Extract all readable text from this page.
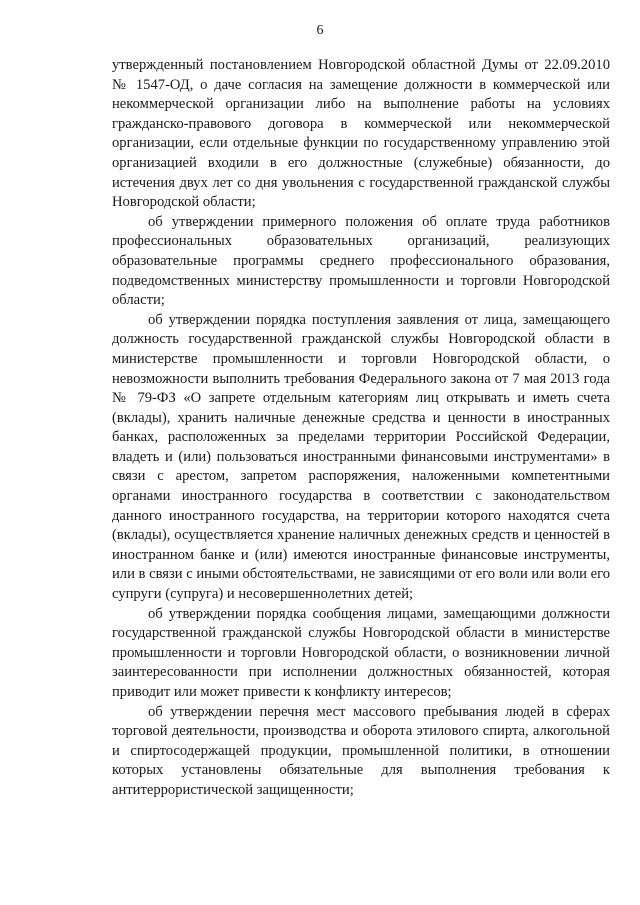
6

утвержденный постановлением Новгородской областной Думы от 22.09.2010 № 1547-ОД, о даче согласия на замещение должности в коммерческой или некоммерческой организации либо на выполнение работы на условиях гражданско-правового договора в коммерческой или некоммерческой организации, если отдельные функции по государственному управлению этой организацией входили в его должностные (служебные) обязанности, до истечения двух лет со дня увольнения с государственной гражданской службы Новгородской области;

об утверждении примерного положения об оплате труда работников профессиональных образовательных организаций, реализующих образовательные программы среднего профессионального образования, подведомственных министерству промышленности и торговли Новгородской области;

об утверждении порядка поступления заявления от лица, замещающего должность государственной гражданской службы Новгородской области в министерстве промышленности и торговли Новгородской области, о невозможности выполнить требования Федерального закона от 7 мая 2013 года № 79-ФЗ «О запрете отдельным категориям лиц открывать и иметь счета (вклады), хранить наличные денежные средства и ценности в иностранных банках, расположенных за пределами территории Российской Федерации, владеть и (или) пользоваться иностранными финансовыми инструментами» в связи с арестом, запретом распоряжения, наложенными компетентными органами иностранного государства в соответствии с законодательством данного иностранного государства, на территории которого находятся счета (вклады), осуществляется хранение наличных денежных средств и ценностей в иностранном банке и (или) имеются иностранные финансовые инструменты, или в связи с иными обстоятельствами, не зависящими от его воли или воли его супруги (супруга) и несовершеннолетних детей;

об утверждении порядка сообщения лицами, замещающими должности государственной гражданской службы Новгородской области в министерстве промышленности и торговли Новгородской области, о возникновении личной заинтересованности при исполнении должностных обязанностей, которая приводит или может привести к конфликту интересов;

об утверждении перечня мест массового пребывания людей в сферах торговой деятельности, производства и оборота этилового спирта, алкогольной и спиртосодержащей продукции, промышленной политики, в отношении которых установлены обязательные для выполнения требования к антитеррористической защищенности;
